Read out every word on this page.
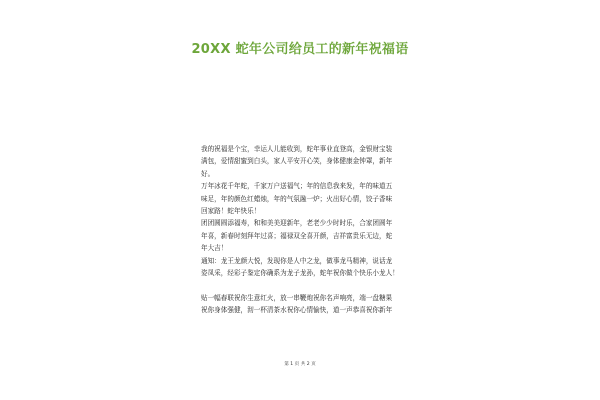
20XX 蛇年公司给员工的新年祝福语
我的祝福是个宝，幸运人儿能收到，蛇年事业直登高，金银财宝装
满包，爱情甜蜜到白头，家人平安开心笑，身体健康金钟罩，新年
好。
万年冰花千年蛇，千家万户送福气；年的信息我来发，年的味道五
味足，年的颜色红蜡烛，年的气氛融一炉；火出好心情，饺子香味
回家路！蛇年快乐！
团团圆圆添福寿，和和美美迎新年，老老少少时时乐，合家团圆年
年喜，新春时刻拜年过喜；福禄双全喜开颜，吉祥富贵乐无边，蛇
年大吉！
通知：龙王龙颜大悦，发现你是人中之龙，做事龙马精神，说话龙
姿凤采，经彩子鉴定你确系为龙子龙孙，蛇年祝你做个快乐小龙人！
贴一幅春联祝你生意红火，放一串鞭炮祝你名声响亮，端一盘糖果
祝你身体强健，沏一杯清茶水祝你心情愉快，道一声恭喜祝你新年
第 1 页 共 2 页
